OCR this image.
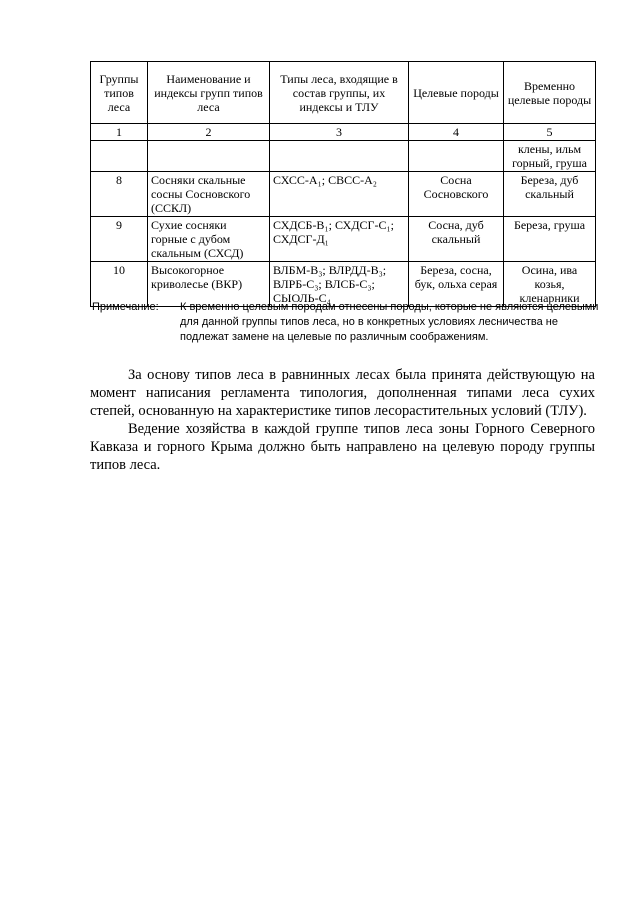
Группы типов леса	Наименование и индексы групп типов леса	Типы леса, входящие в состав группы, их индексы и ТЛУ	Целевые породы	Временно целевые породы
1	2	3	4	5
				клены, ильм горный, груша
8	Сосняки скальные сосны Сосновского (ССКЛ)	СХСС-А₁; СВСС-А₂	Сосна Сосновского	Береза, дуб скальный
9	Сухие сосняки горные с дубом скальным (СХСД)	СХДСБ-В₁; СХДСГ-С₁; СХДСГ-Д₁	Сосна, дуб скальный	Береза, груша
10	Высокогорное криволесье (ВКР)	ВЛБМ-В₃; ВЛРДД-В₃; ВЛРБ-С₃; ВЛСБ-С₃; СЫОЛЬ-С₄	Береза, сосна, бук, ольха серая	Осина, ива козья, кленарники
Примечание: К временно целевым породам отнесены породы, которые не являются целевыми для данной группы типов леса, но в конкретных условиях лесничества не подлежат замене на целевые по различным соображениям.

За основу типов леса в равнинных лесах была принята действующую на момент написания регламента типология, дополненная типами леса сухих степей, основанную на характеристике типов лесорастительных условий (ТЛУ).

Ведение хозяйства в каждой группе типов леса зоны Горного Северного Кавказа и горного Крыма должно быть направлено на целевую породу группы типов леса.
